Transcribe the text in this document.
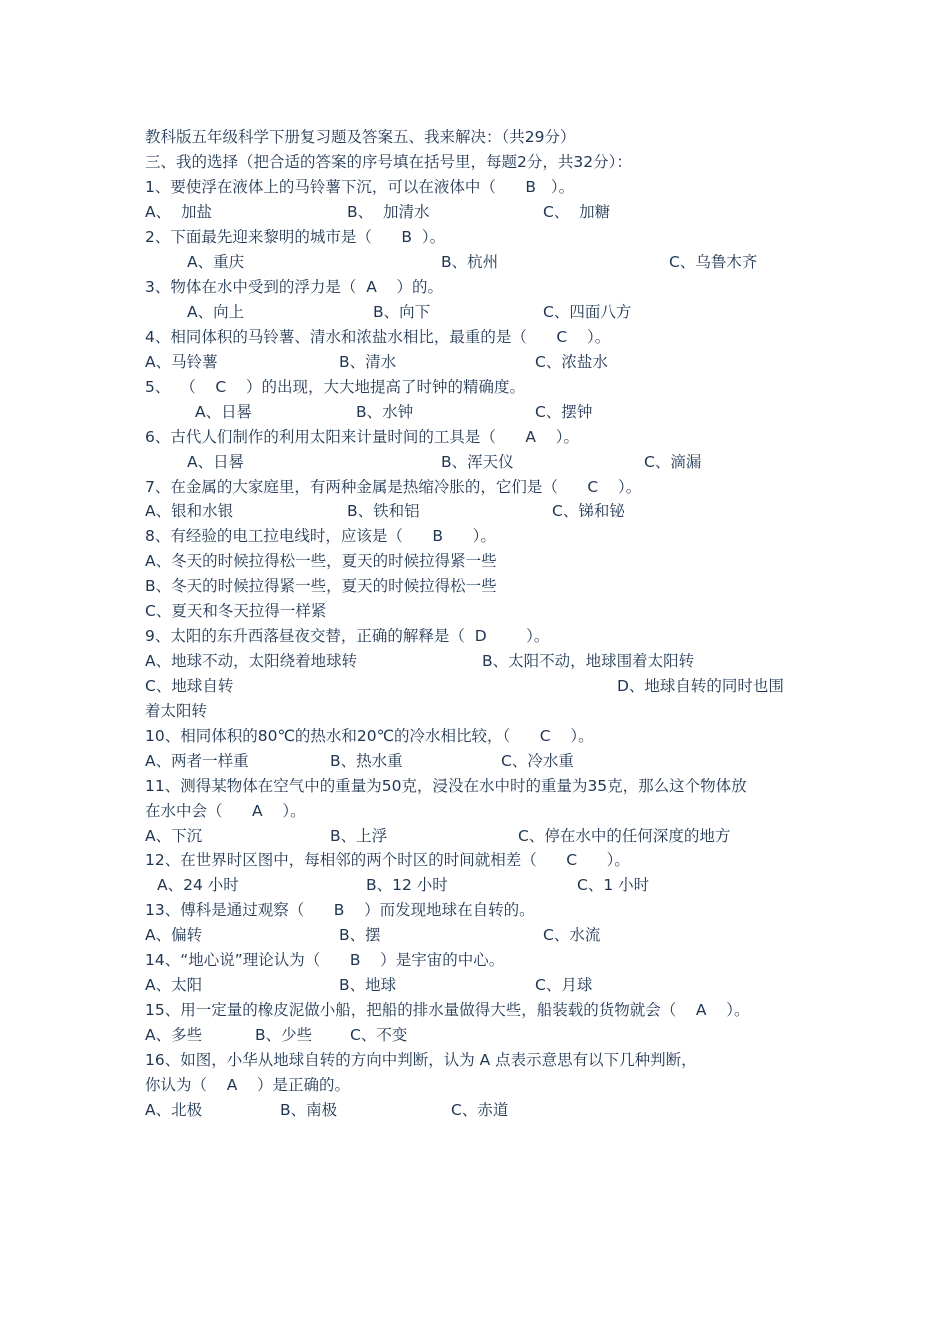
教科版五年级科学下册复习题及答案五、我来解决：（共29分）
三、我的选择（把合适的答案的序号填在括号里，每题2分，共32分）：
1、要使浮在液体上的马铃薯下沉，可以在液体中（      B   ）。
A、  加盐	B、  加清水	C、  加糖
2、下面最先迎来黎明的城市是（      B  ）。
A、重庆	B、杭州	C、乌鲁木齐
3、物体在水中受到的浮力是（  A    ）的。
A、向上	B、向下	C、四面八方
4、相同体积的马铃薯、清水和浓盐水相比，最重的是（      C    ）。
A、马铃薯	B、清水	C、浓盐水
5、  （    C    ）的出现，大大地提高了时钟的精确度。
A、日晷	B、水钟	C、摆钟
6、古代人们制作的利用太阳来计量时间的工具是（      A    ）。
A、日晷	B、浑天仪	C、滴漏
7、在金属的大家庭里，有两种金属是热缩冷胀的，它们是（      C    ）。
A、银和水银	B、铁和铝	C、锑和铋
8、有经验的电工拉电线时，应该是（      B      ）。
A、冬天的时候拉得松一些，夏天的时候拉得紧一些
B、冬天的时候拉得紧一些，夏天的时候拉得松一些
C、夏天和冬天拉得一样紧
9、太阳的东升西落昼夜交替，正确的解释是（  D        ）。
A、地球不动，太阳绕着地球转	B、太阳不动，地球围着太阳转
C、地球自转	D、地球自转的同时也围
着太阳转
10、相同体积的80℃的热水和20℃的冷水相比较，（      C    ）。
A、两者一样重	B、热水重	C、冷水重
11、测得某物体在空气中的重量为50克，浸没在水中时的重量为35克，那么这个物体放
在水中会（      A    ）。
A、下沉	B、上浮	C、停在水中的任何深度的地方
12、在世界时区图中，每相邻的两个时区的时间就相差（      C      ）。
A、24 小时	B、12 小时	C、1 小时
13、傅科是通过观察（      B    ）而发现地球在自转的。
A、偏转	B、摆	C、水流
14、“地心说”理论认为（      B    ）是宇宙的中心。
A、太阳	B、地球	C、月球
15、用一定量的橡皮泥做小船，把船的排水量做得大些，船装载的货物就会（    A    ）。
A、多些	B、少些 C、不变
16、如图，小华从地球自转的方向中判断，认为 A 点表示意思有以下几种判断，
你认为（    A    ）是正确的。
A、北极	B、南极	C、赤道
